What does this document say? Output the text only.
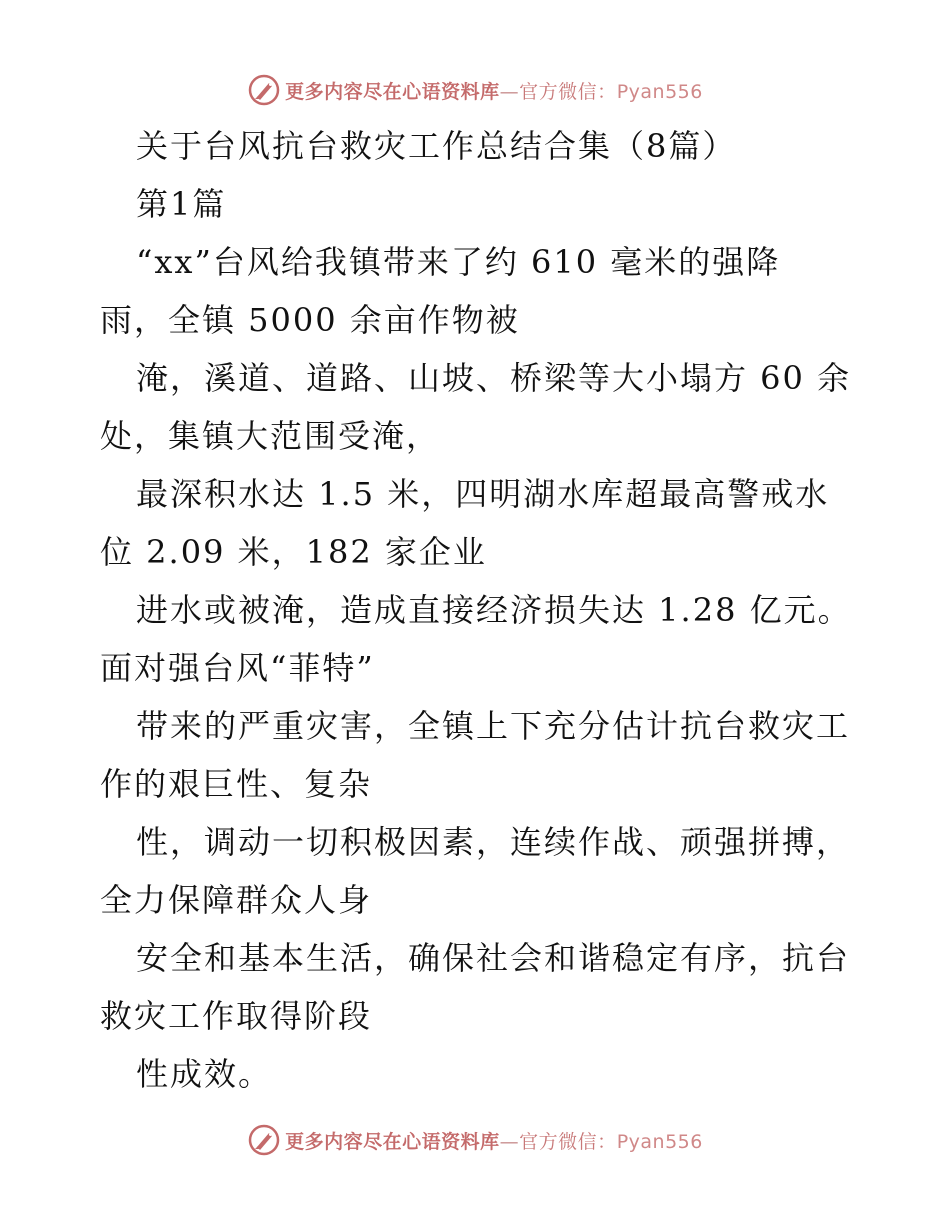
更多内容尽在心语资料库—官方微信：Pyan556
关于台风抗台救灾工作总结合集（8篇）
第1篇
“xx”台风给我镇带来了约 610 毫米的强降
雨，全镇 5000 余亩作物被
淹，溪道、道路、山坡、桥梁等大小塌方 60 余
处，集镇大范围受淹，
最深积水达 1.5 米，四明湖水库超最高警戒水
位 2.09 米，182 家企业
进水或被淹，造成直接经济损失达 1.28 亿元。
面对强台风“菲特”
带来的严重灾害，全镇上下充分估计抗台救灾工
作的艰巨性、复杂
性，调动一切积极因素，连续作战、顽强拼搏，
全力保障群众人身
安全和基本生活，确保社会和谐稳定有序，抗台
救灾工作取得阶段
性成效。
更多内容尽在心语资料库—官方微信：Pyan556
